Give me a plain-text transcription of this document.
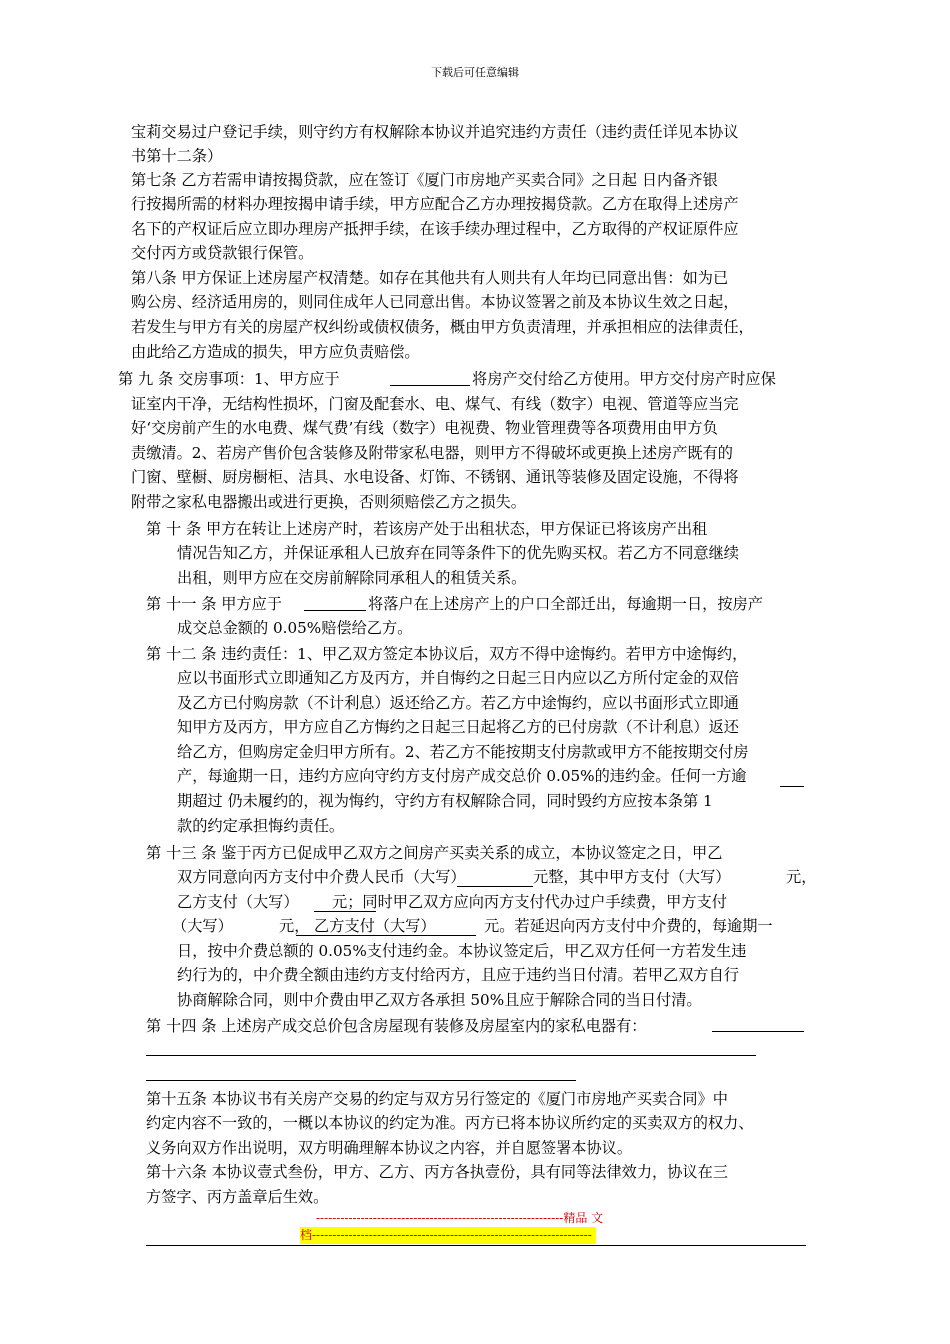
下载后可任意编辑
宝莉交易过户登记手续，则守约方有权解除本协议并追究违约方责任（违约责任详见本协议
书第十二条）
第七条 乙方若需申请按揭贷款，应在签订《厦门市房地产买卖合同》之日起 日内备齐银
行按揭所需的材料办理按揭申请手续，甲方应配合乙方办理按揭贷款。乙方在取得上述房产
名下的产权证后应立即办理房产抵押手续，在该手续办理过程中，乙方取得的产权证原件应
交付丙方或贷款银行保管。
第八条 甲方保证上述房屋产权清楚。如存在其他共有人则共有人年均已同意出售：如为已
购公房、经济适用房的，则同住成年人已同意出售。本协议签署之前及本协议生效之日起，
若发生与甲方有关的房屋产权纠纷或债权债务，概由甲方负责清理，并承担相应的法律责任，
由此给乙方造成的损失，甲方应负责赔偿。
第 九 条 交房事项：1、甲方应于	将房产交付给乙方使用。甲方交付房产时应保
证室内干净，无结构性损坏，门窗及配套水、电、煤气、有线（数字）电视、管道等应当完
好‘交房前产生的水电费、煤气费’有线（数字）电视费、物业管理费等各项费用由甲方负
责缴清。2、若房产售价包含装修及附带家私电器，则甲方不得破坏或更换上述房产既有的
门窗、壁橱、厨房橱柜、洁具、水电设备、灯饰、不锈钢、通讯等装修及固定设施，不得将
附带之家私电器搬出或进行更换，否则须赔偿乙方之损失。
第 十 条 甲方在转让上述房产时，若该房产处于出租状态，甲方保证已将该房产出租
情况告知乙方，并保证承租人已放弃在同等条件下的优先购买权。若乙方不同意继续
出租，则甲方应在交房前解除同承租人的租赁关系。
第 十一 条 甲方应于	将落户在上述房产上的户口全部迁出，每逾期一日，按房产
成交总金额的 0.05%赔偿给乙方。
第 十二 条 违约责任：1、甲乙双方签定本协议后，双方不得中途悔约。若甲方中途悔约，
应以书面形式立即通知乙方及丙方，并自悔约之日起三日内应以乙方所付定金的双倍
及乙方已付购房款（不计利息）返还给乙方。若乙方中途悔约，应以书面形式立即通
知甲方及丙方，甲方应自乙方悔约之日起三日起将乙方的已付房款（不计利息）返还
给乙方，但购房定金归甲方所有。2、若乙方不能按期支付房款或甲方不能按期交付房
产，每逾期一日，违约方应向守约方支付房产成交总价 0.05%的违约金。任何一方逾
期超过 仍未履约的，视为悔约，守约方有权解除合同，同时毁约方应按本条第 1
款的约定承担悔约责任。
第 十三 条 鉴于丙方已促成甲乙双方之间房产买卖关系的成立，本协议签定之日，甲乙
双方同意向丙方支付中介费人民币（大写）	元整，其中甲方支付（大写）	元，
乙方支付（大写） 元；同时甲乙双方应向丙方支付代办过户手续费，甲方支付
（大写）	元， 乙方支付（大写）	元。若延迟向丙方支付中介费的，每逾期一
日，按中介费总额的 0.05%支付违约金。本协议签定后，甲乙双方任何一方若发生违
约行为的，中介费全额由违约方支付给丙方，且应于违约当日付清。若甲乙双方自行
协商解除合同，则中介费由甲乙双方各承担 50%且应于解除合同的当日付清。
第 十四 条 上述房产成交总价包含房屋现有装修及房屋室内的家私电器有：
第十五条 本协议书有关房产交易的约定与双方另行签定的《厦门市房地产买卖合同》中
约定内容不一致的，一概以本协议的约定为准。丙方已将本协议所约定的买卖双方的权力、
义务向双方作出说明，双方明确理解本协议之内容，并自愿签署本协议。
第十六条 本协议壹式叁份，甲方、乙方、丙方各执壹份，具有同等法律效力，协议在三
方签字、丙方盖章后生效。
-------------------------------------------------------------精品 文
档---------------------------------------------------------------------
